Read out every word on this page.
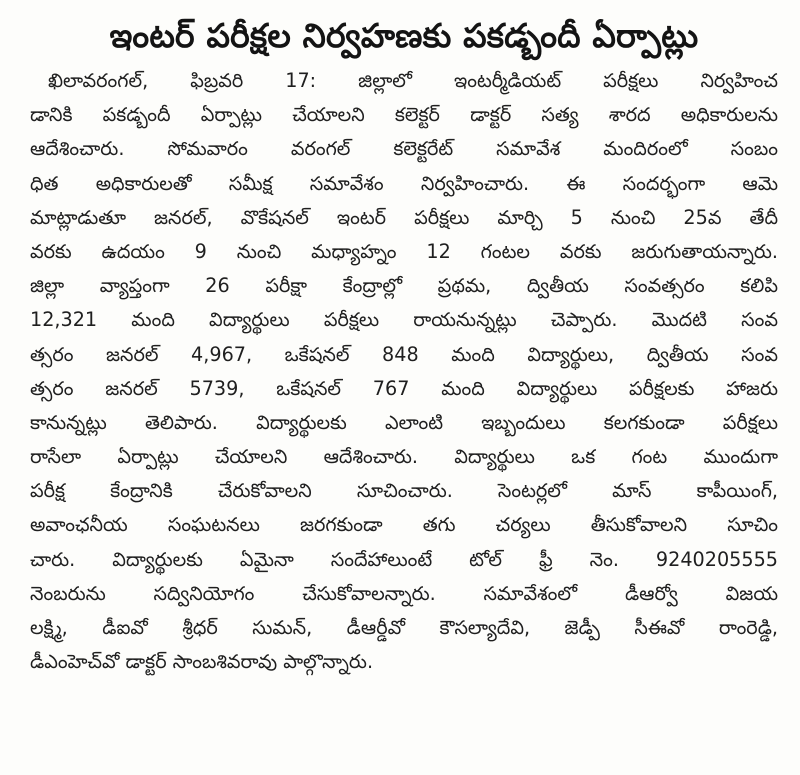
ఇంటర్‌ పరీక్షల నిర్వహణకు పకడ్బందీ ఏర్పాట్లు
ఖిలావరంగల్‌, ఫిబ్రవరి 17: జిల్లాలో ఇంటర్మీడియట్‌ పరీక్షలు నిర్వహించ
డానికి పకడ్బందీ ఏర్పాట్లు చేయాలని కలెక్టర్‌ డాక్టర్‌ సత్య శారద అధికారులను
ఆదేశించారు. సోమవారం వరంగల్‌ కలెక్టరేట్‌ సమావేశ మందిరంలో సంబం
ధిత అధికారులతో సమీక్ష సమావేశం నిర్వహించారు. ఈ సందర్భంగా ఆమె
మాట్లాడుతూ జనరల్‌, వొకేషనల్‌ ఇంటర్‌ పరీక్షలు మార్చి 5 నుంచి 25వ తేదీ
వరకు ఉదయం 9 నుంచి మధ్యాహ్నం 12 గంటల వరకు జరుగుతాయన్నారు.
జిల్లా వ్యాప్తంగా 26 పరీక్షా కేంద్రాల్లో ప్రథమ, ద్వితీయ సంవత్సరం కలిపి
12,321 మంది విద్యార్థులు పరీక్షలు రాయనున్నట్లు చెప్పారు. మొదటి సంవ
త్సరం జనరల్‌ 4,967, ఒకేషనల్‌ 848 మంది విద్యార్థులు, ద్వితీయ సంవ
త్సరం జనరల్‌ 5739, ఒకేషనల్‌ 767 మంది విద్యార్థులు పరీక్షలకు హాజరు
కానున్నట్లు తెలిపారు. విద్యార్థులకు ఎలాంటి ఇబ్బందులు కలగకుండా పరీక్షలు
రాసేలా ఏర్పాట్లు చేయాలని ఆదేశించారు. విద్యార్థులు ఒక గంట ముందుగా
పరీక్ష కేంద్రానికి చేరుకోవాలని సూచించారు. సెంటర్లలో మాస్‌ కాపీయింగ్‌,
అవాంఛనీయ సంఘటనలు జరగకుండా తగు చర్యలు తీసుకోవాలని సూచిం
చారు. విద్యార్థులకు ఏమైనా సందేహాలుంటే టోల్‌ ఫ్రీ నెం. 9240205555
నెంబరును సద్వినియోగం చేసుకోవాలన్నారు. సమావేశంలో డీఆర్వో విజయ
లక్ష్మి, డీఐవో శ్రీధర్‌ సుమన్‌, డీఆర్డీవో కౌసల్యాదేవి, జెడ్పీ సీఈవో రాంరెడ్డి,
డీఎంహెచ్‌వో డాక్టర్‌ సాంబశివరావు పాల్గొన్నారు.
